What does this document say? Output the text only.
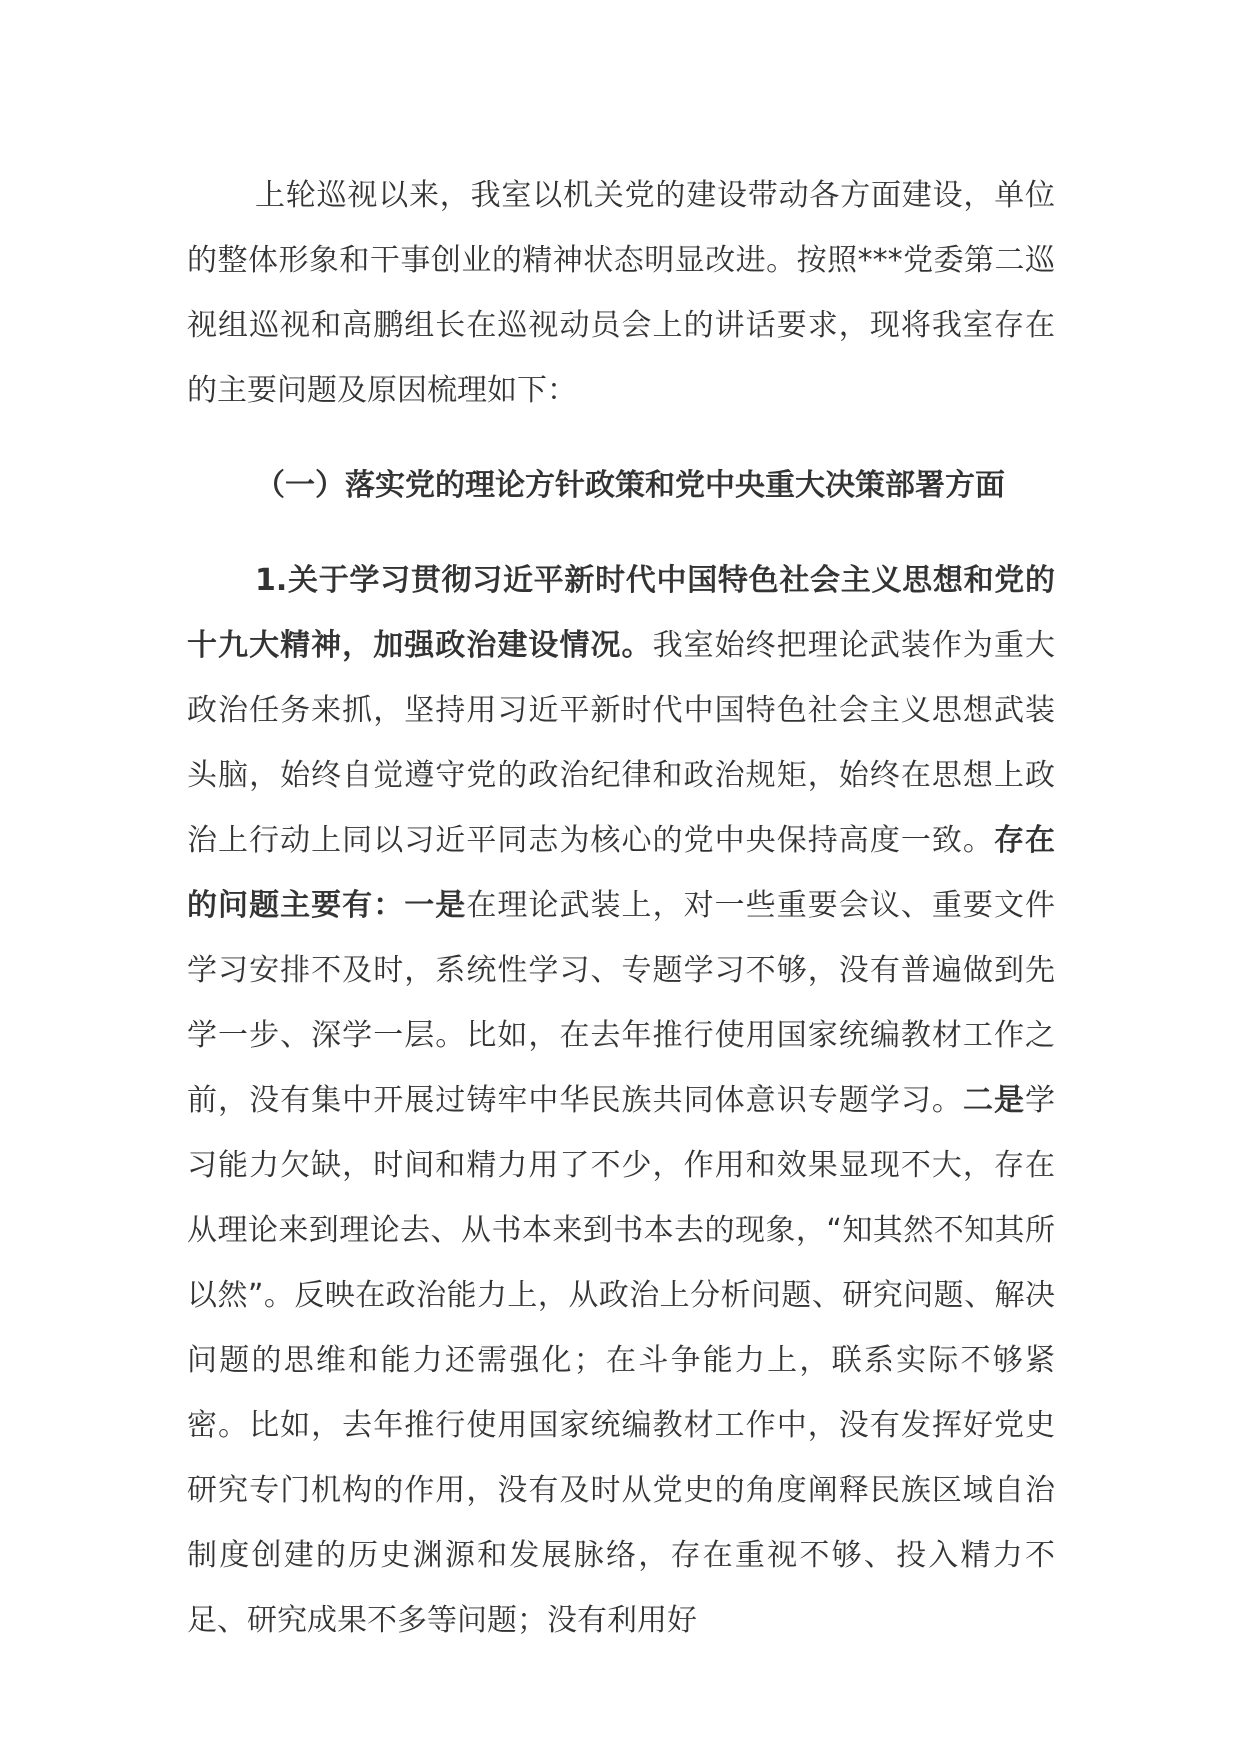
上轮巡视以来，我室以机关党的建设带动各方面建设，单位的整体形象和干事创业的精神状态明显改进。按照***党委第二巡视组巡视和高鹏组长在巡视动员会上的讲话要求，现将我室存在的主要问题及原因梳理如下：

（一）落实党的理论方针政策和党中央重大决策部署方面

1.关于学习贯彻习近平新时代中国特色社会主义思想和党的十九大精神，加强政治建设情况。我室始终把理论武装作为重大政治任务来抓，坚持用习近平新时代中国特色社会主义思想武装头脑，始终自觉遵守党的政治纪律和政治规矩，始终在思想上政治上行动上同以习近平同志为核心的党中央保持高度一致。存在的问题主要有：一是在理论武装上，对一些重要会议、重要文件学习安排不及时，系统性学习、专题学习不够，没有普遍做到先学一步、深学一层。比如，在去年推行使用国家统编教材工作之前，没有集中开展过铸牢中华民族共同体意识专题学习。二是学习能力欠缺，时间和精力用了不少，作用和效果显现不大，存在从理论来到理论去、从书本来到书本去的现象，“知其然不知其所以然”。反映在政治能力上，从政治上分析问题、研究问题、解决问题的思维和能力还需强化；在斗争能力上，联系实际不够紧密。比如，去年推行使用国家统编教材工作中，没有发挥好党史研究专门机构的作用，没有及时从党史的角度阐释民族区域自治制度创建的历史渊源和发展脉络，存在重视不够、投入精力不足、研究成果不多等问题；没有利用好
